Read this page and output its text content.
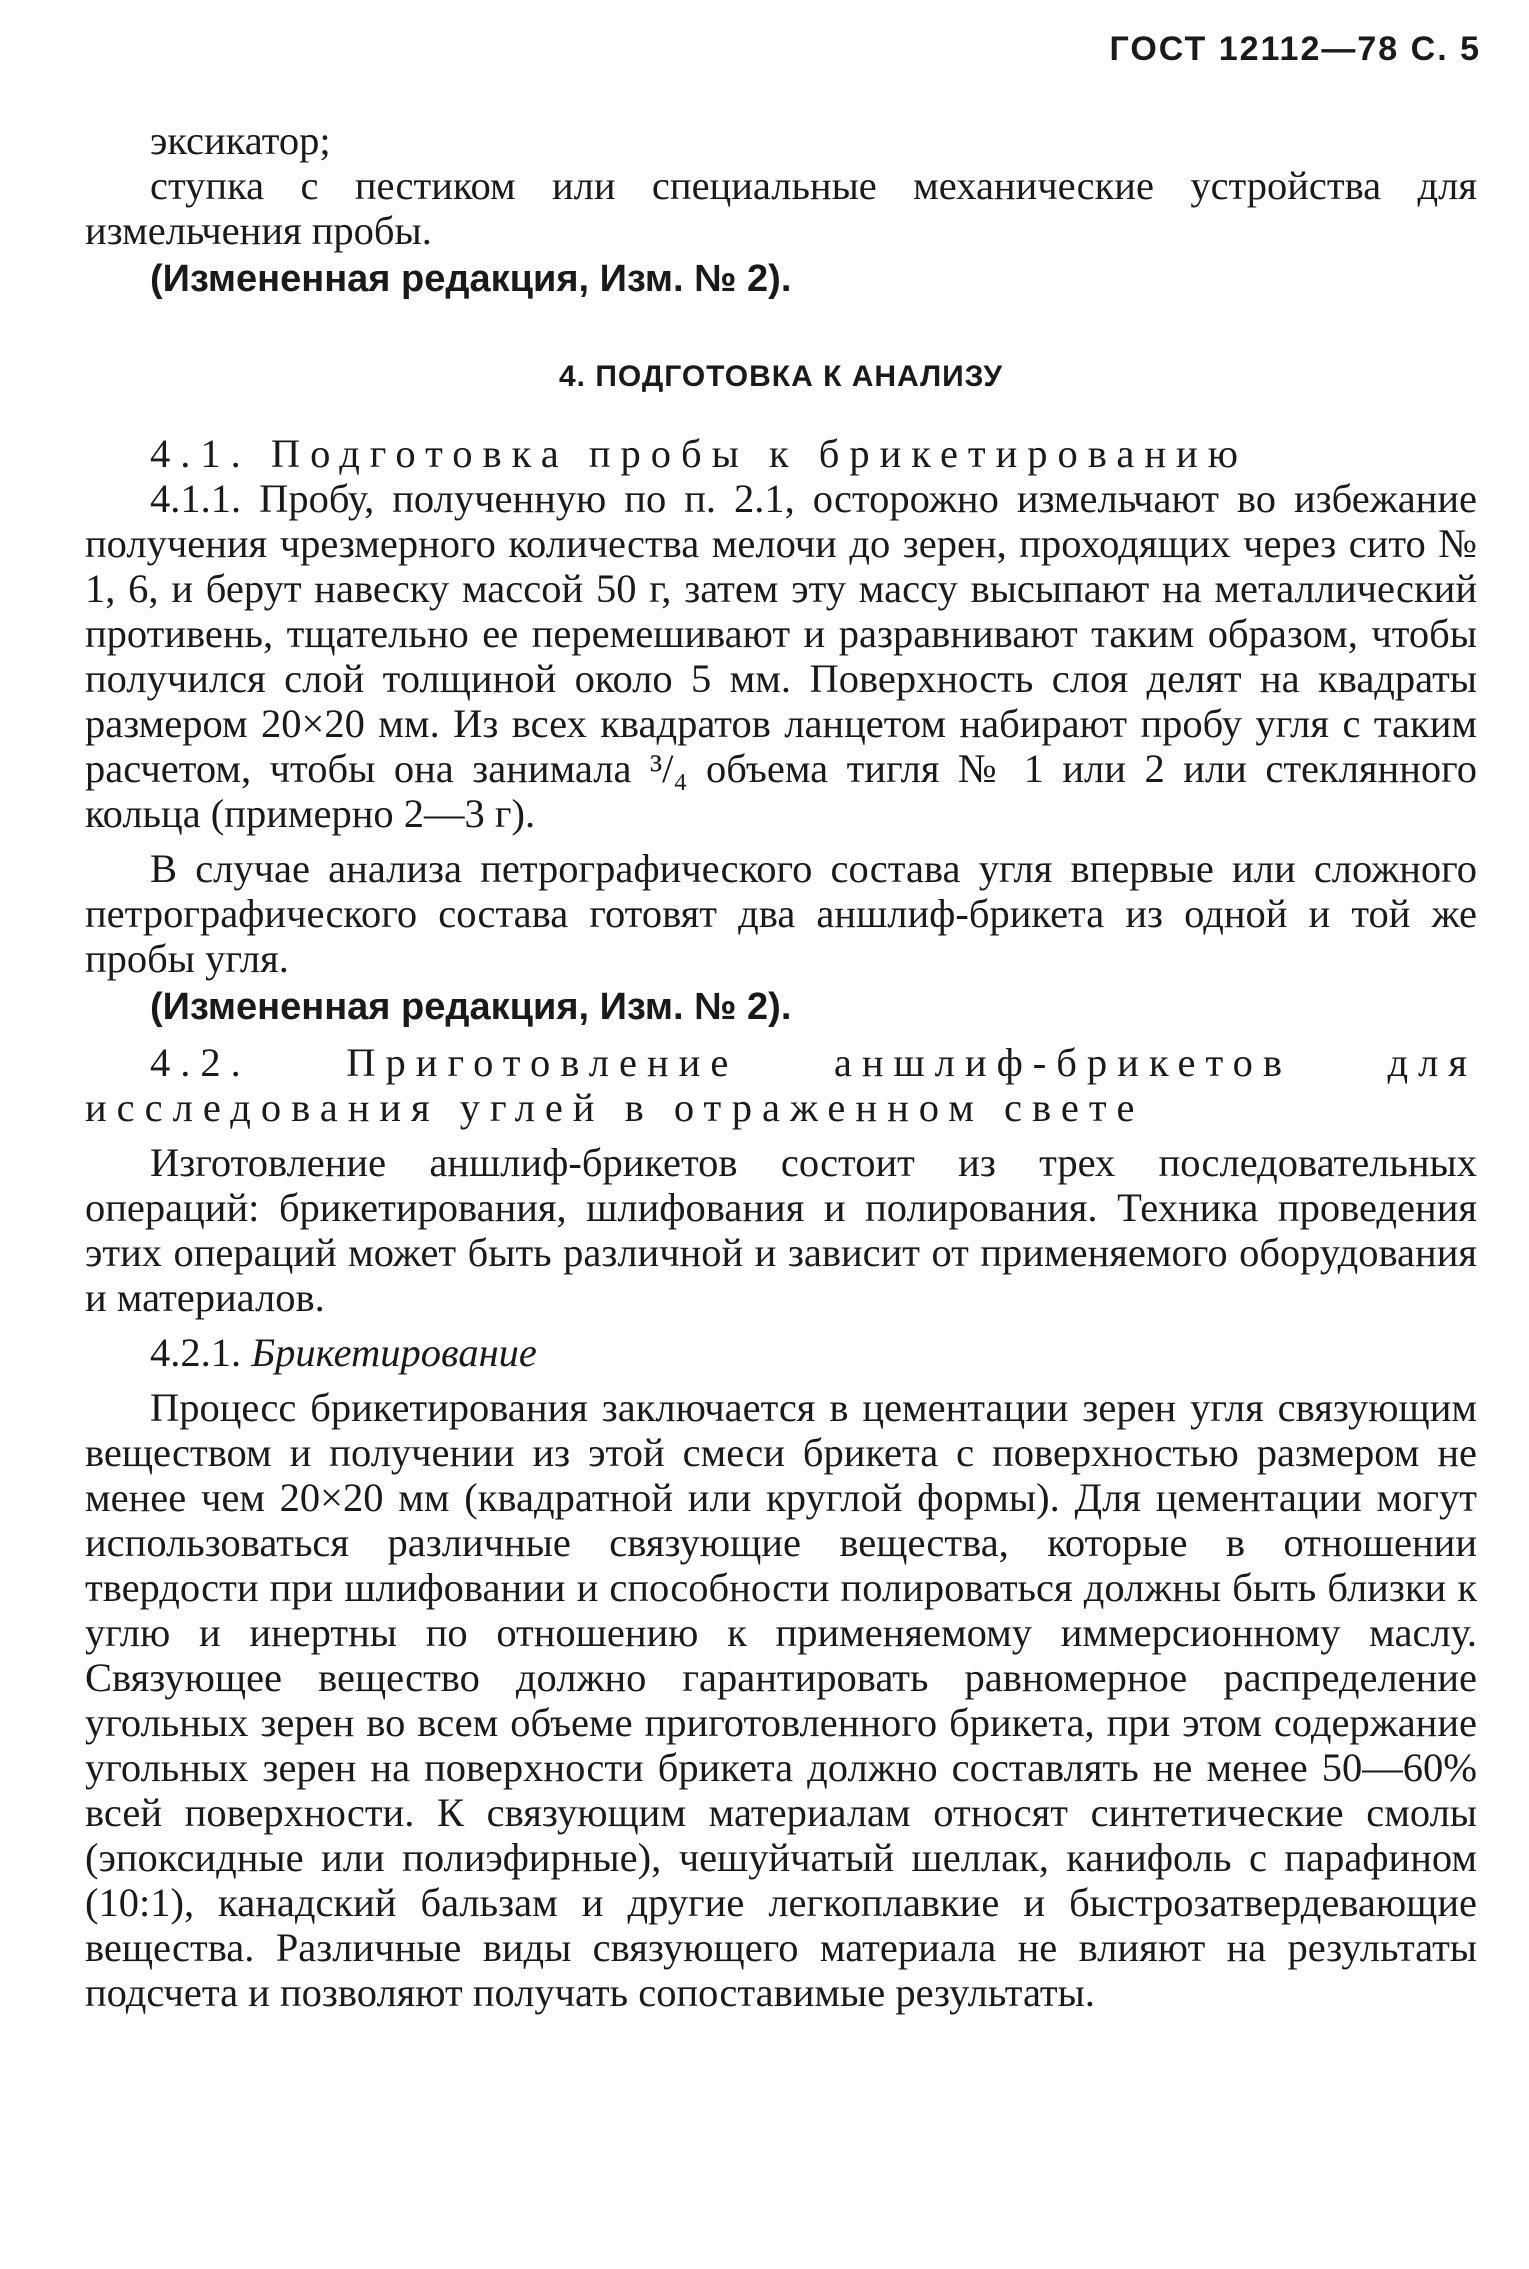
ГОСТ 12112—78 С. 5

эксикатор;

ступка с пестиком или специальные механические устройства для измельчения пробы.

(Измененная редакция, Изм. № 2).

4. ПОДГОТОВКА К АНАЛИЗУ

4.1. Подготовка пробы к брикетированию

4.1.1. Пробу, полученную по п. 2.1, осторожно измельчают во избежание получения чрезмерного количества мелочи до зерен, проходящих через сито № 1, 6, и берут навеску массой 50 г, затем эту массу высыпают на металлический противень, тщательно ее перемешивают и разравнивают таким образом, чтобы получился слой толщиной около 5 мм. Поверхность слоя делят на квадраты размером 20×20 мм. Из всех квадратов ланцетом набирают пробу угля с таким расчетом, чтобы она занимала ³/₄ объема тигля № 1 или 2 или стеклянного кольца (примерно 2—3 г).

В случае анализа петрографического состава угля впервые или сложного петрографического состава готовят два аншлиф-брикета из одной и той же пробы угля.

(Измененная редакция, Изм. № 2).

4.2. Приготовление аншлиф-брикетов для исследования углей в отраженном свете

Изготовление аншлиф-брикетов состоит из трех последовательных операций: брикетирования, шлифования и полирования. Техника проведения этих операций может быть различной и зависит от применяемого оборудования и материалов.

4.2.1. Брикетирование

Процесс брикетирования заключается в цементации зерен угля связующим веществом и получении из этой смеси брикета с поверхностью размером не менее чем 20×20 мм (квадратной или круглой формы). Для цементации могут использоваться различные связующие вещества, которые в отношении твердости при шлифовании и способности полироваться должны быть близки к углю и инертны по отношению к применяемому иммерсионному маслу. Связующее вещество должно гарантировать равномерное распределение угольных зерен во всем объеме приготовленного брикета, при этом содержание угольных зерен на поверхности брикета должно составлять не менее 50—60% всей поверхности. К связующим материалам относят синтетические смолы (эпоксидные или полиэфирные), чешуйчатый шеллак, канифоль с парафином (10:1), канадский бальзам и другие легкоплавкие и быстрозатвердевающие вещества. Различные виды связующего материала не влияют на результаты подсчета и позволяют получать сопоставимые результаты.
